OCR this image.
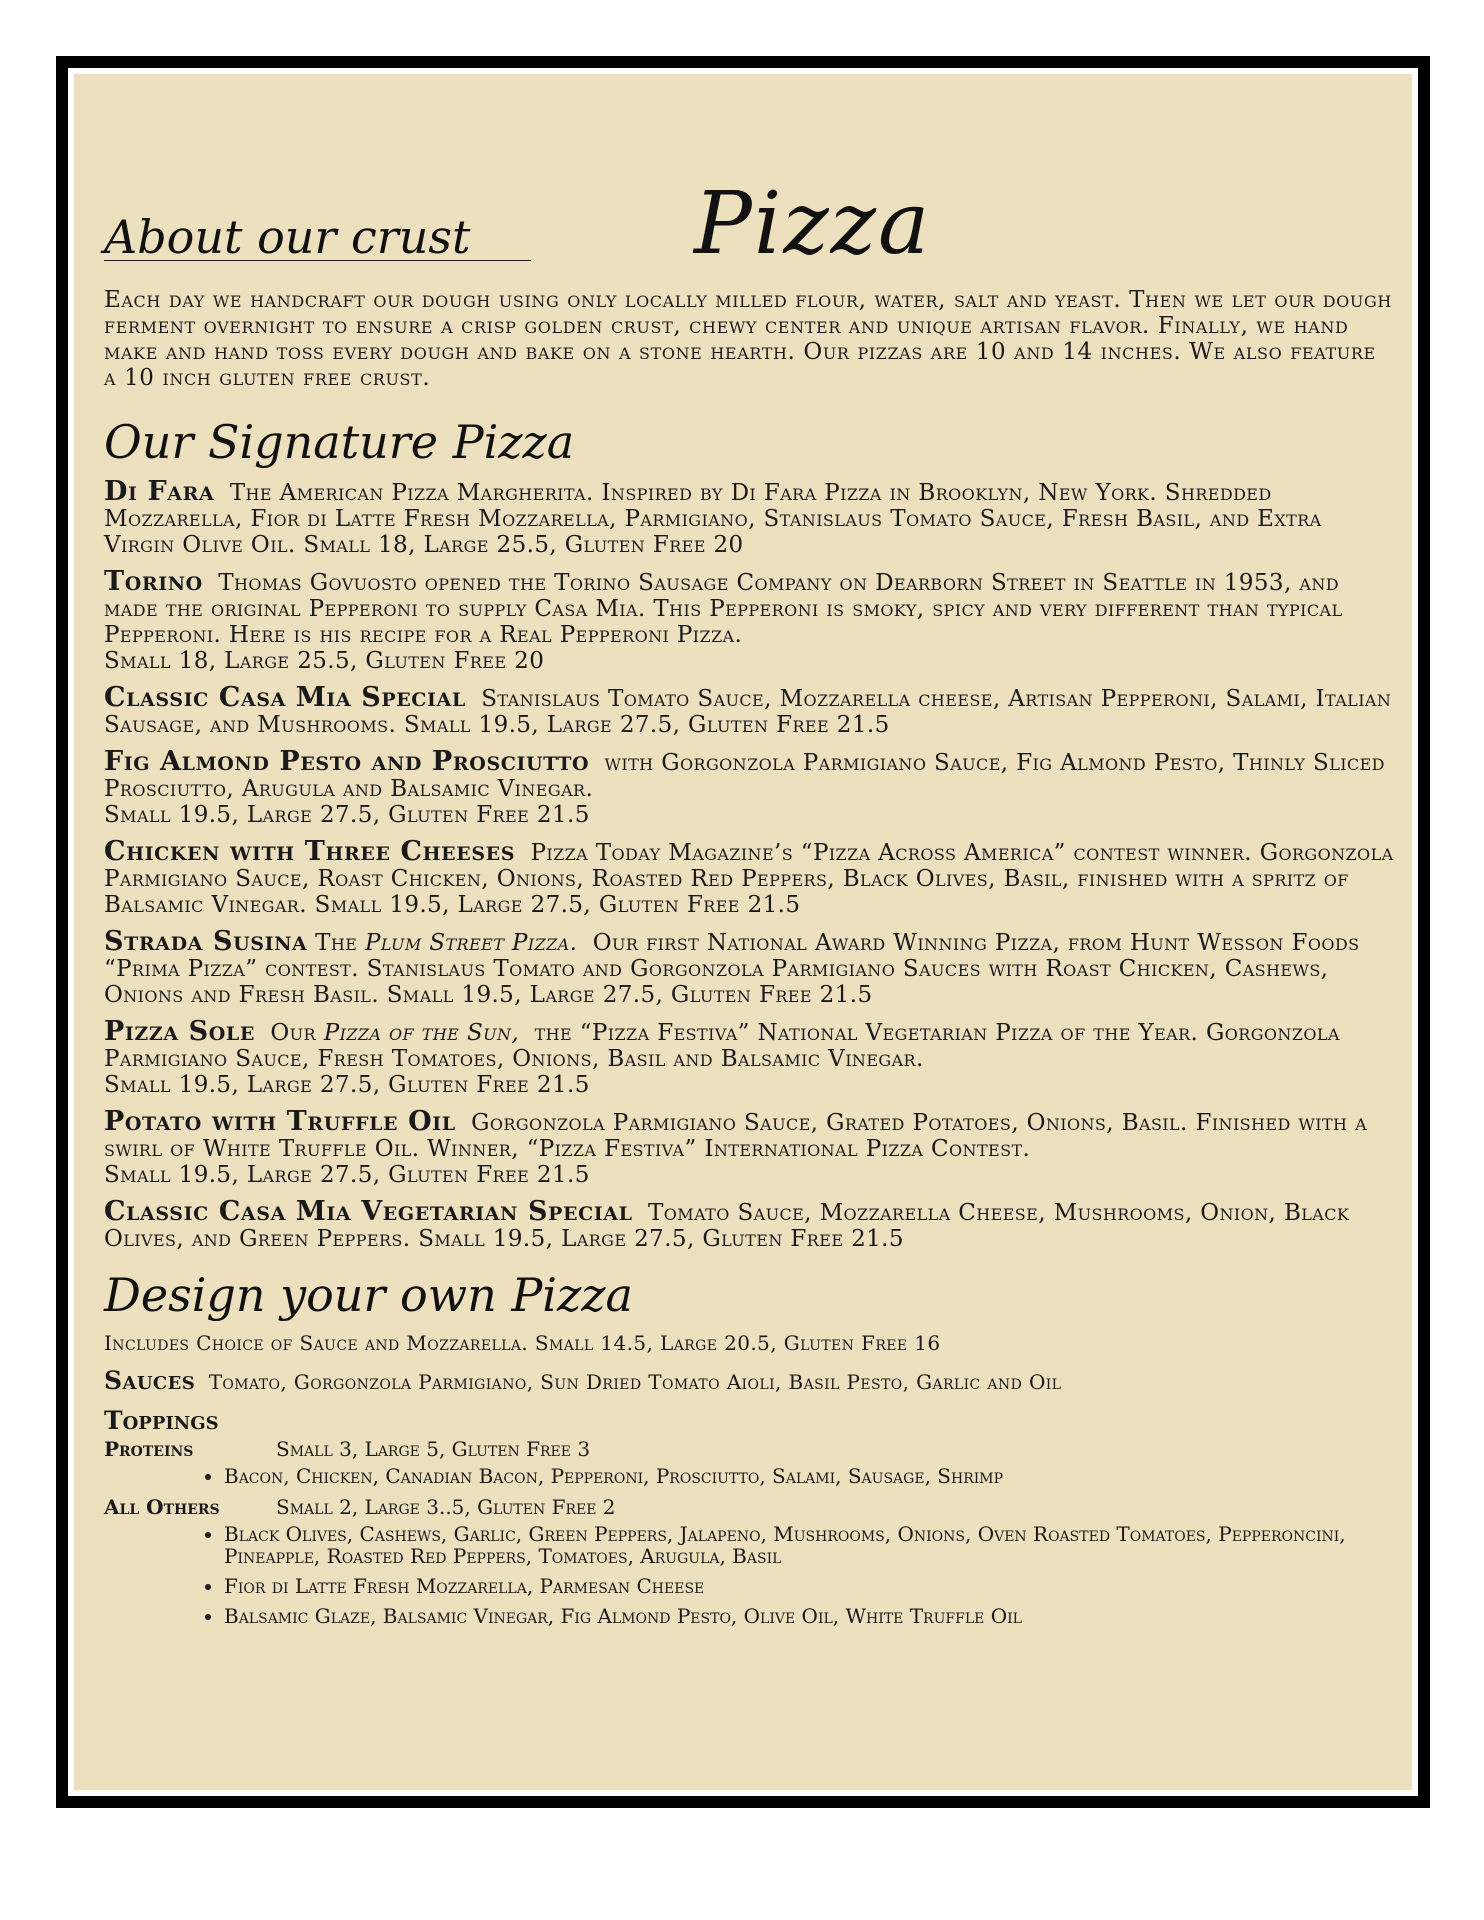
Pizza
About our crust

Each day we handcraft our dough using only locally milled flour, water, salt and yeast. Then we let our dough ferment overnight to ensure a crisp golden crust, chewy center and unique artisan flavor. Finally, we hand make and hand toss every dough and bake on a stone hearth. Our pizzas are 10 and 14 inches. We also feature a 10 inch gluten free crust.

Our Signature Pizza

Di Fara The American Pizza Margherita. Inspired by Di Fara Pizza in Brooklyn, New York. Shredded Mozzarella, Fior di Latte Fresh Mozzarella, Parmigiano, Stanislaus Tomato Sauce, Fresh Basil, and Extra Virgin Olive Oil. Small 18, Large 25.5, Gluten Free 20

Torino Thomas Govuosto opened the Torino Sausage Company on Dearborn Street in Seattle in 1953, and made the original Pepperoni to supply Casa Mia. This Pepperoni is smoky, spicy and very different than typical Pepperoni. Here is his recipe for a Real Pepperoni Pizza.
Small 18, Large 25.5, Gluten Free 20

Classic Casa Mia Special Stanislaus Tomato Sauce, Mozzarella cheese, Artisan Pepperoni, Salami, Italian Sausage, and Mushrooms. Small 19.5, Large 27.5, Gluten Free 21.5

Fig Almond Pesto and Prosciutto with Gorgonzola Parmigiano Sauce, Fig Almond Pesto, Thinly Sliced Prosciutto, Arugula and Balsamic Vinegar.
Small 19.5, Large 27.5, Gluten Free 21.5

Chicken with Three Cheeses Pizza Today Magazine’s “Pizza Across America” contest winner. Gorgonzola Parmigiano Sauce, Roast Chicken, Onions, Roasted Red Peppers, Black Olives, Basil, finished with a spritz of Balsamic Vinegar. Small 19.5, Large 27.5, Gluten Free 21.5

Strada Susina The Plum Street Pizza. Our first National Award Winning Pizza, from Hunt Wesson Foods “Prima Pizza” contest. Stanislaus Tomato and Gorgonzola Parmigiano Sauces with Roast Chicken, Cashews, Onions and Fresh Basil. Small 19.5, Large 27.5, Gluten Free 21.5

Pizza Sole Our Pizza of the Sun, the “Pizza Festiva” National Vegetarian Pizza of the Year. Gorgonzola Parmigiano Sauce, Fresh Tomatoes, Onions, Basil and Balsamic Vinegar.
Small 19.5, Large 27.5, Gluten Free 21.5

Potato with Truffle Oil Gorgonzola Parmigiano Sauce, Grated Potatoes, Onions, Basil. Finished with a swirl of White Truffle Oil. Winner, “Pizza Festiva” International Pizza Contest.
Small 19.5, Large 27.5, Gluten Free 21.5

Classic Casa Mia Vegetarian Special Tomato Sauce, Mozzarella Cheese, Mushrooms, Onion, Black Olives, and Green Peppers. Small 19.5, Large 27.5, Gluten Free 21.5

Design your own Pizza

Includes Choice of Sauce and Mozzarella. Small 14.5, Large 20.5, Gluten Free 16

Sauces Tomato, Gorgonzola Parmigiano, Sun Dried Tomato Aioli, Basil Pesto, Garlic and Oil

Toppings
Proteins	Small 3, Large 5, Gluten Free 3
• Bacon, Chicken, Canadian Bacon, Pepperoni, Prosciutto, Salami, Sausage, Shrimp
All Others	Small 2, Large 3..5, Gluten Free 2
• Black Olives, Cashews, Garlic, Green Peppers, Jalapeno, Mushrooms, Onions, Oven Roasted Tomatoes, Pepperoncini, Pineapple, Roasted Red Peppers, Tomatoes, Arugula, Basil
• Fior di Latte Fresh Mozzarella, Parmesan Cheese
• Balsamic Glaze, Balsamic Vinegar, Fig Almond Pesto, Olive Oil, White Truffle Oil
